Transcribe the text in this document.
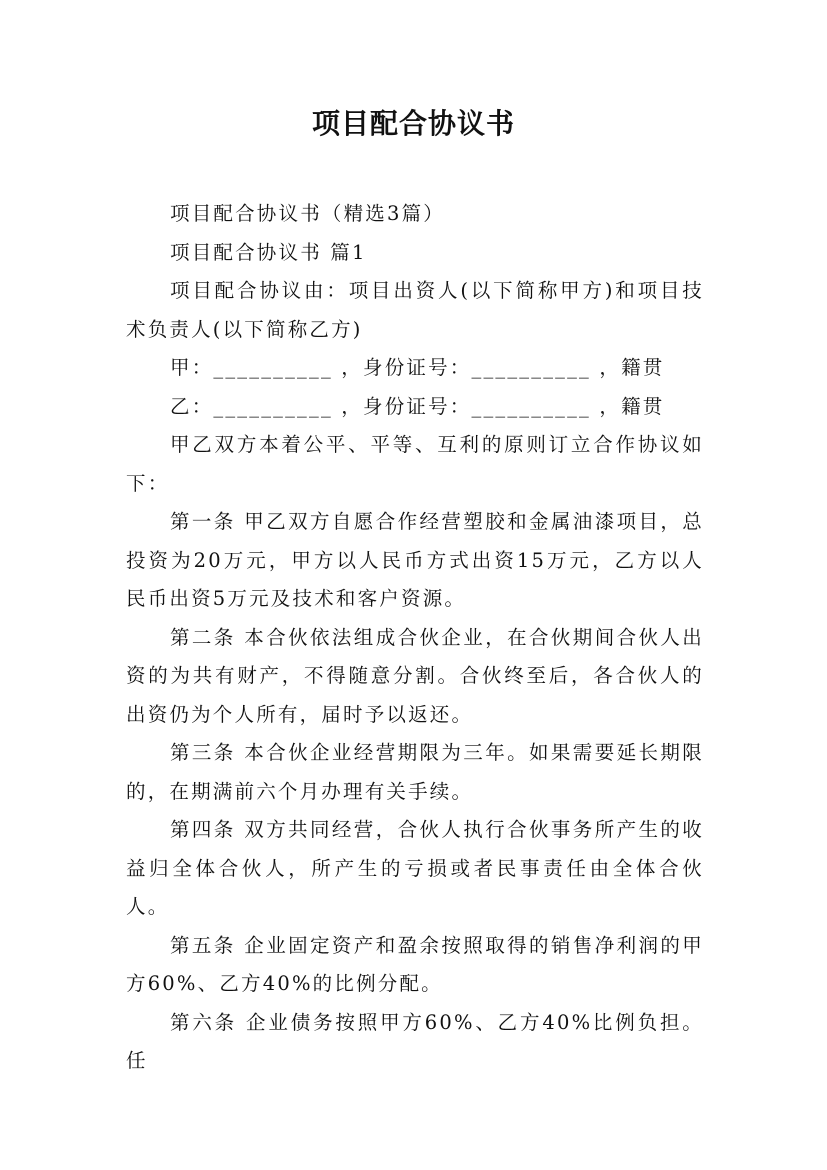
项目配合协议书

项目配合协议书（精选3篇）

项目配合协议书 篇1

项目配合协议由：项目出资人(以下简称甲方)和项目技术负责人(以下简称乙方)

甲：__________ ，身份证号：__________ ，籍贯

乙：__________ ，身份证号：__________ ，籍贯

甲乙双方本着公平、平等、互利的原则订立合作协议如下：

第一条 甲乙双方自愿合作经营塑胶和金属油漆项目，总投资为20万元，甲方以人民币方式出资15万元，乙方以人民币出资5万元及技术和客户资源。

第二条 本合伙依法组成合伙企业，在合伙期间合伙人出资的为共有财产，不得随意分割。合伙终至后，各合伙人的出资仍为个人所有，届时予以返还。

第三条 本合伙企业经营期限为三年。如果需要延长期限的，在期满前六个月办理有关手续。

第四条 双方共同经营，合伙人执行合伙事务所产生的收益归全体合伙人，所产生的亏损或者民事责任由全体合伙人。

第五条 企业固定资产和盈余按照取得的销售净利润的甲方60%、乙方40%的比例分配。

第六条 企业债务按照甲方60%、乙方40%比例负担。任
